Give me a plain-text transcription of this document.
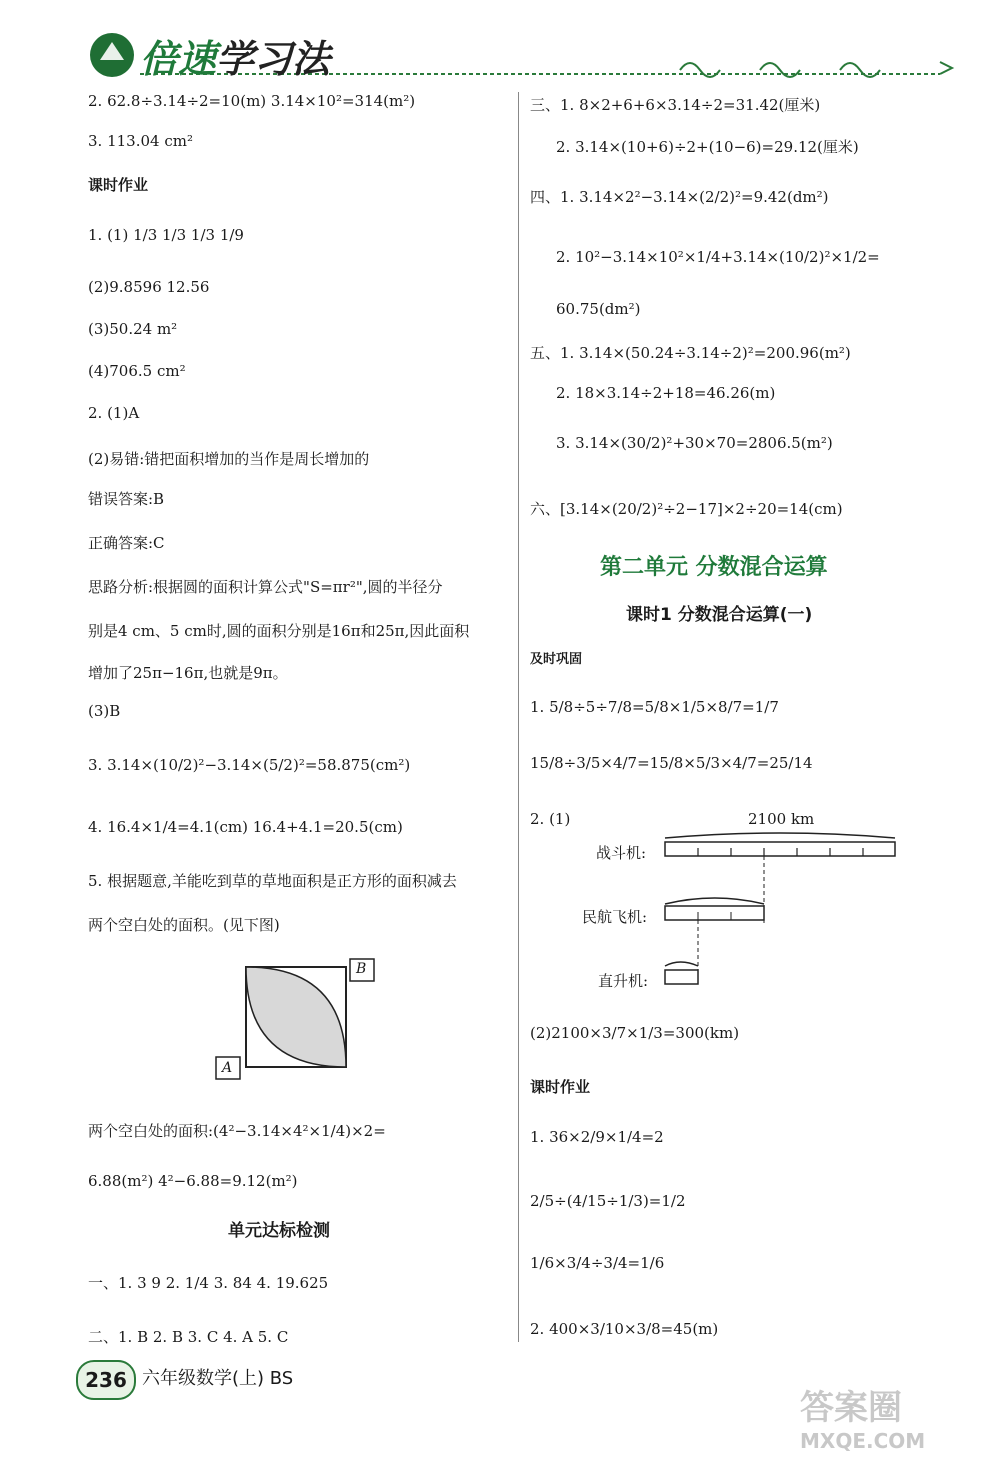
倍速学习法
2. 62.8÷3.14÷2=10(m) 3.14×10²=314(m²)
3. 113.04 cm²
课时作业
1. (1) 1/3 1/3 1/3 1/9
(2)9.8596 12.56
(3)50.24 m²
(4)706.5 cm²
2. (1)A
(2)易错:错把面积增加的当作是周长增加的
错误答案:B
正确答案:C
思路分析:根据圆的面积计算公式"S=πr²",圆的半径分
别是4 cm、5 cm时,圆的面积分别是16π和25π,因此面积
增加了25π−16π,也就是9π。
(3)B
3. 3.14×(10/2)²−3.14×(5/2)²=58.875(cm²)
4. 16.4×1/4=4.1(cm) 16.4+4.1=20.5(cm)
5. 根据题意,羊能吃到草的草地面积是正方形的面积减去
两个空白处的面积。(见下图)
B
A
两个空白处的面积:(4²−3.14×4²×1/4)×2=
6.88(m²) 4²−6.88=9.12(m²)
单元达标检测
一、1. 3 9 2. 1/4 3. 84 4. 19.625
二、1. B 2. B 3. C 4. A 5. C
三、1. 8×2+6+6×3.14÷2=31.42(厘米)
2. 3.14×(10+6)÷2+(10−6)=29.12(厘米)
四、1. 3.14×2²−3.14×(2/2)²=9.42(dm²)
2. 10²−3.14×10²×1/4+3.14×(10/2)²×1/2=
60.75(dm²)
五、1. 3.14×(50.24÷3.14÷2)²=200.96(m²)
2. 18×3.14÷2+18=46.26(m)
3. 3.14×(30/2)²+30×70=2806.5(m²)
六、[3.14×(20/2)²÷2−17]×2÷20=14(cm)
第二单元 分数混合运算
课时1 分数混合运算(一)
及时巩固
1. 5/8÷5÷7/8=5/8×1/5×8/7=1/7
15/8÷3/5×4/7=15/8×5/3×4/7=25/14
2. (1)	2100 km
战斗机:
民航飞机:
直升机:
(2)2100×3/7×1/3=300(km)
课时作业
1. 36×2/9×1/4=2
2/5÷(4/15÷1/3)=1/2
1/6×3/4÷3/4=1/6
2. 400×3/10×3/8=45(m)
236 六年级数学(上) BS
答案圈
MXQE.COM
